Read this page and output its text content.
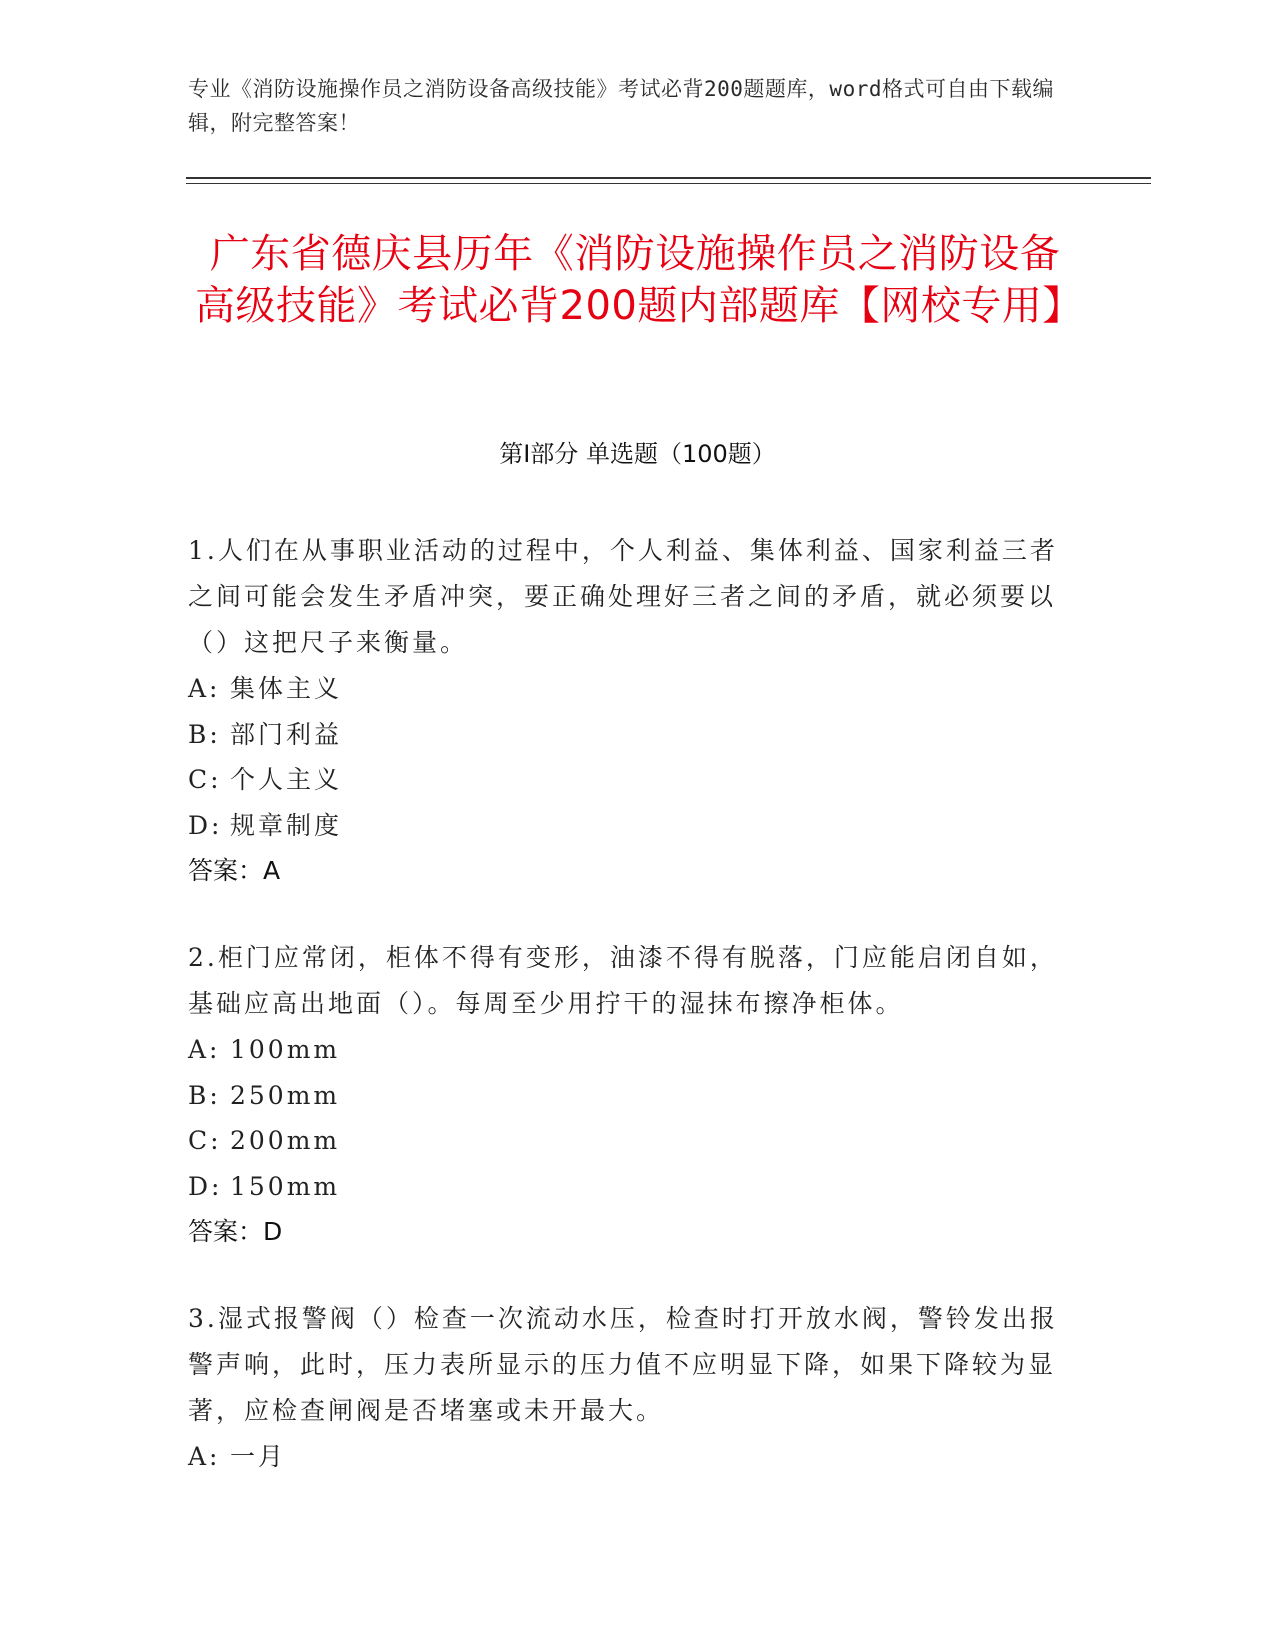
专业《消防设施操作员之消防设备高级技能》考试必背200题题库，word格式可自由下载编辑，附完整答案！
广东省德庆县历年《消防设施操作员之消防设备高级技能》考试必背200题内部题库【网校专用】
第I部分 单选题（100题）
1.人们在从事职业活动的过程中，个人利益、集体利益、国家利益三者之间可能会发生矛盾冲突，要正确处理好三者之间的矛盾，就必须要以（）这把尺子来衡量。
A: 集体主义
B: 部门利益
C: 个人主义
D: 规章制度
答案：A
2.柜门应常闭，柜体不得有变形，油漆不得有脱落，门应能启闭自如，基础应高出地面（）。每周至少用拧干的湿抹布擦净柜体。
A: 100mm
B: 250mm
C: 200mm
D: 150mm
答案：D
3.湿式报警阀（）检查一次流动水压，检查时打开放水阀，警铃发出报警声响，此时，压力表所显示的压力值不应明显下降，如果下降较为显著，应检查闸阀是否堵塞或未开最大。
A: 一月
